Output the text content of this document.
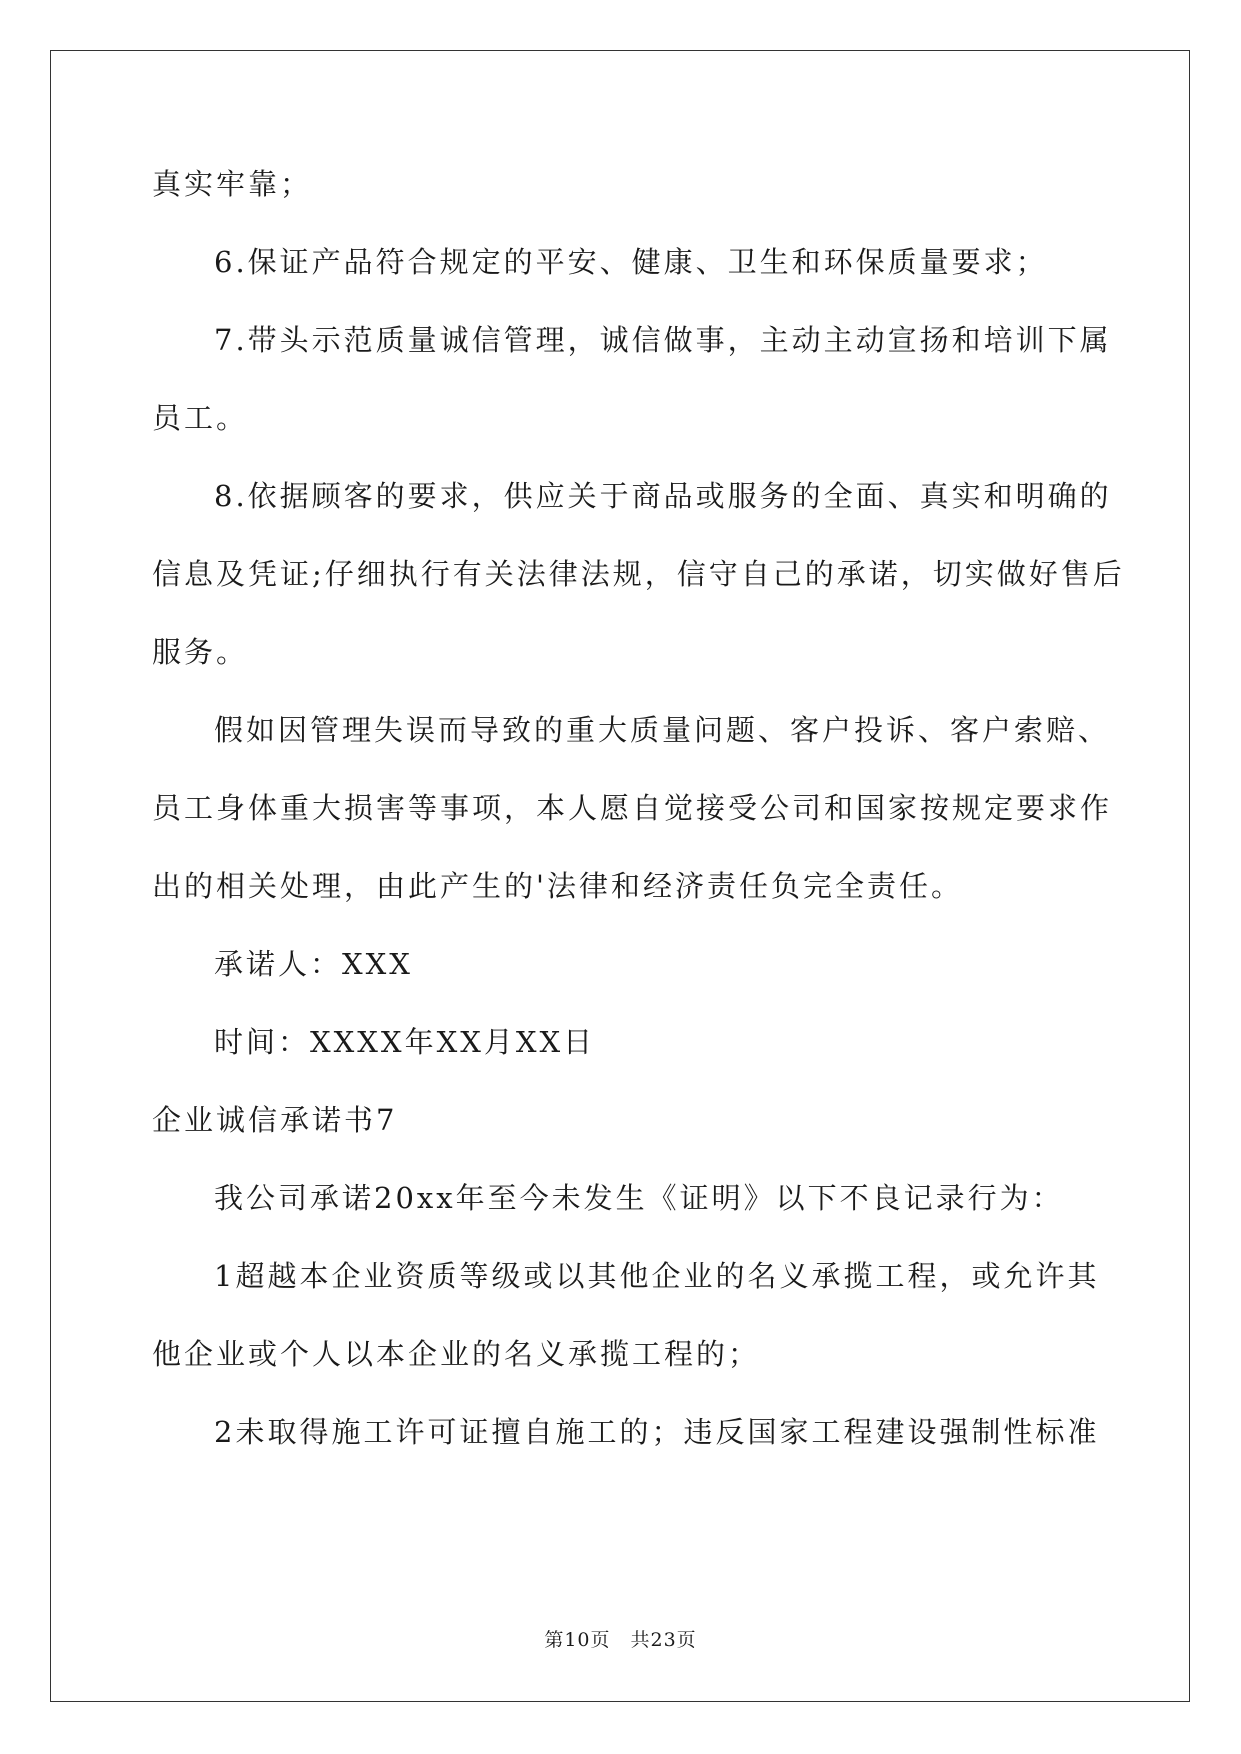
真实牢靠；
6.保证产品符合规定的平安、健康、卫生和环保质量要求；
7.带头示范质量诚信管理，诚信做事，主动主动宣扬和培训下属
员工。
8.依据顾客的要求，供应关于商品或服务的全面、真实和明确的
信息及凭证;仔细执行有关法律法规，信守自己的承诺，切实做好售后
服务。
假如因管理失误而导致的重大质量问题、客户投诉、客户索赔、
员工身体重大损害等事项，本人愿自觉接受公司和国家按规定要求作
出的相关处理，由此产生的'法律和经济责任负完全责任。
承诺人：XXX
时间：XXXX年XX月XX日
企业诚信承诺书7
我公司承诺20xx年至今未发生《证明》以下不良记录行为：
1超越本企业资质等级或以其他企业的名义承揽工程，或允许其
他企业或个人以本企业的名义承揽工程的；
2未取得施工许可证擅自施工的；违反国家工程建设强制性标准
第10页　共23页
